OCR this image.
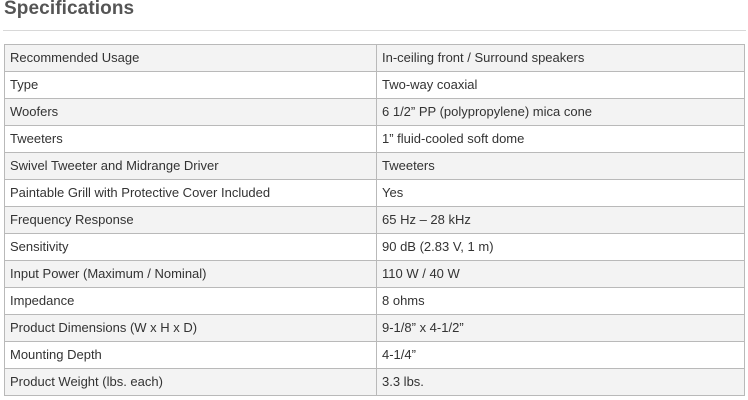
Specifications
Recommended Usage	In-ceiling front / Surround speakers
Type	Two-way coaxial
Woofers	6 1/2” PP (polypropylene) mica cone
Tweeters	1” fluid-cooled soft dome
Swivel Tweeter and Midrange Driver	Tweeters
Paintable Grill with Protective Cover Included	Yes
Frequency Response	65 Hz – 28 kHz
Sensitivity	90 dB (2.83 V, 1 m)
Input Power (Maximum / Nominal)	110 W / 40 W
Impedance	8 ohms
Product Dimensions (W x H x D)	9-1/8” x 4-1/2”
Mounting Depth	4-1/4”
Product Weight (lbs. each)	3.3 lbs.
